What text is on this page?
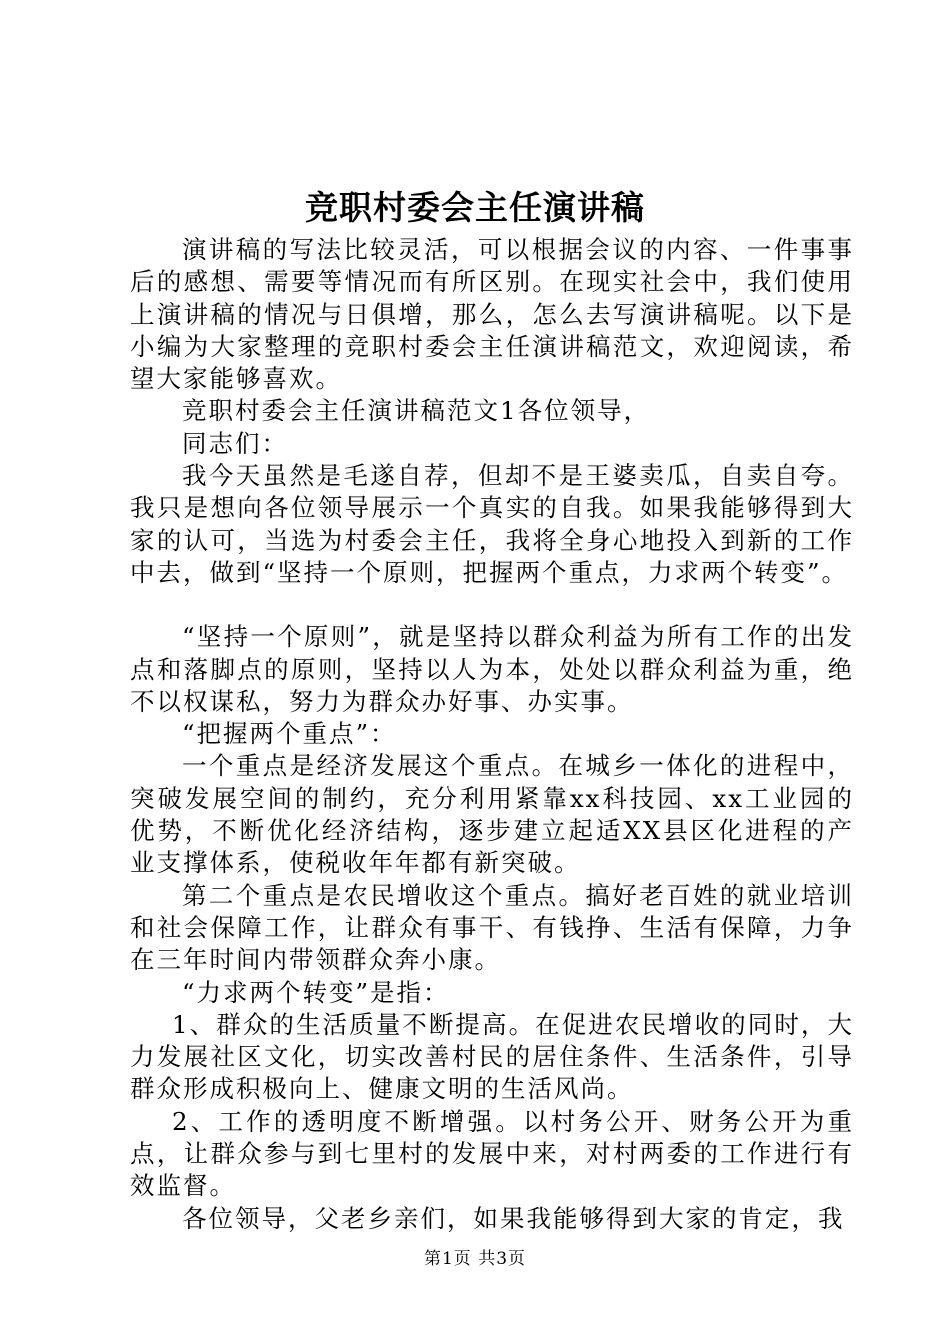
竞职村委会主任演讲稿

演讲稿的写法比较灵活，可以根据会议的内容、一件事事后的感想、需要等情况而有所区别。在现实社会中，我们使用上演讲稿的情况与日俱增，那么，怎么去写演讲稿呢。以下是小编为大家整理的竞职村委会主任演讲稿范文，欢迎阅读，希望大家能够喜欢。

竞职村委会主任演讲稿范文1各位领导，

同志们：

我今天虽然是毛遂自荐，但却不是王婆卖瓜，自卖自夸。我只是想向各位领导展示一个真实的自我。如果我能够得到大家的认可，当选为村委会主任，我将全身心地投入到新的工作中去，做到“坚持一个原则，把握两个重点，力求两个转变”。

“坚持一个原则”，就是坚持以群众利益为所有工作的出发点和落脚点的原则，坚持以人为本，处处以群众利益为重，绝不以权谋私，努力为群众办好事、办实事。

“把握两个重点”：

一个重点是经济发展这个重点。在城乡一体化的进程中，突破发展空间的制约，充分利用紧靠xx科技园、xx工业园的优势，不断优化经济结构，逐步建立起适XX县区化进程的产业支撑体系，使税收年年都有新突破。

第二个重点是农民增收这个重点。搞好老百姓的就业培训和社会保障工作，让群众有事干、有钱挣、生活有保障，力争在三年时间内带领群众奔小康。

“力求两个转变”是指：

1、群众的生活质量不断提高。在促进农民增收的同时，大力发展社区文化，切实改善村民的居住条件、生活条件，引导群众形成积极向上、健康文明的生活风尚。

2、工作的透明度不断增强。以村务公开、财务公开为重点，让群众参与到七里村的发展中来，对村两委的工作进行有效监督。

各位领导，父老乡亲们，如果我能够得到大家的肯定，我

第1页 共3页
